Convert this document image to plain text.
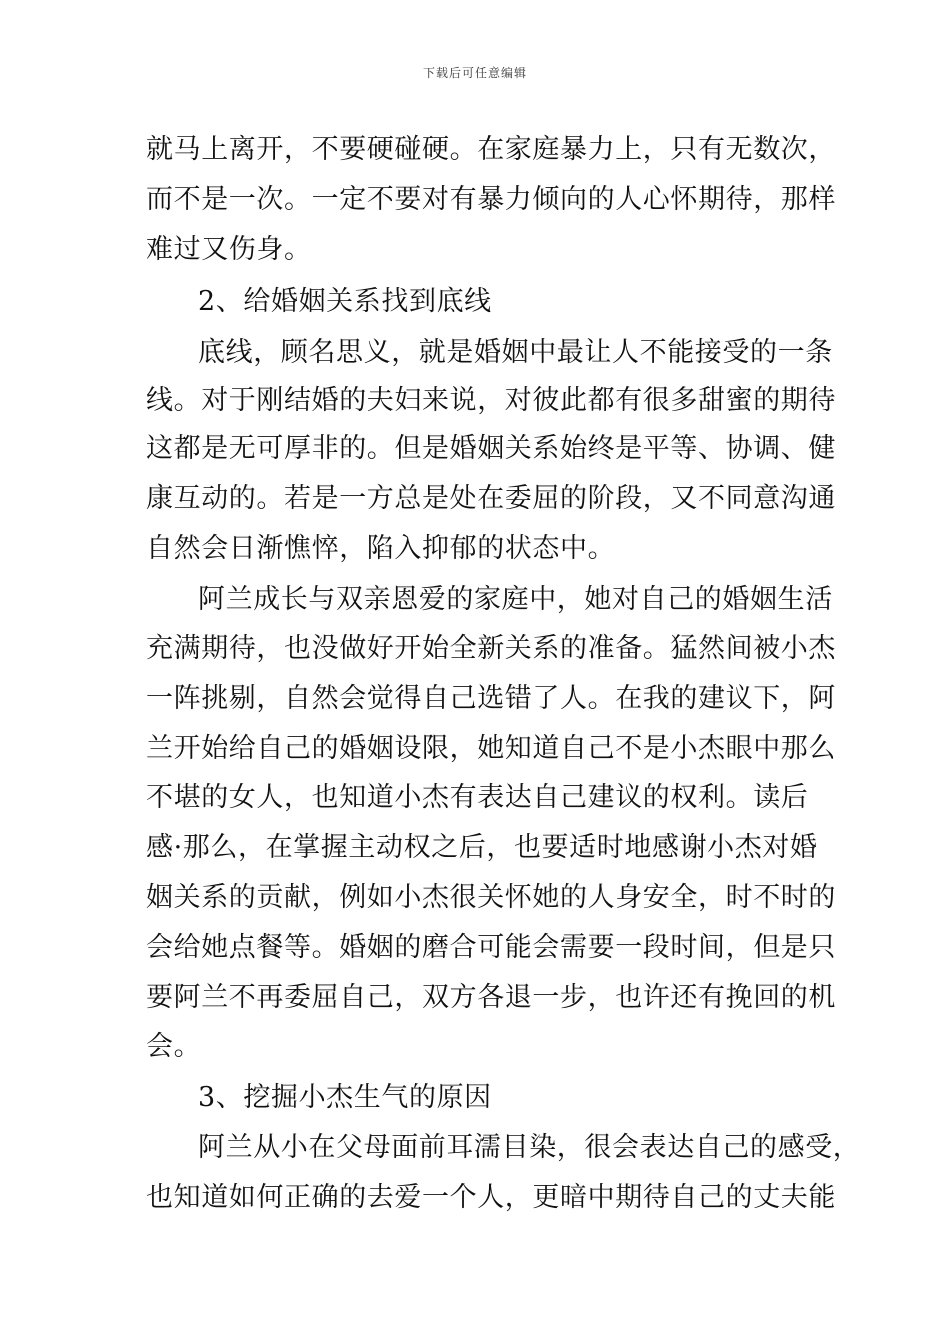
下载后可任意编辑
就马上离开，不要硬碰硬。在家庭暴力上，只有无数次，
而不是一次。一定不要对有暴力倾向的人心怀期待，那样
难过又伤身。
2、给婚姻关系找到底线
底线，顾名思义，就是婚姻中最让人不能接受的一条
线。对于刚结婚的夫妇来说，对彼此都有很多甜蜜的期待
这都是无可厚非的。但是婚姻关系始终是平等、协调、健
康互动的。若是一方总是处在委屈的阶段，又不同意沟通
自然会日渐憔悴，陷入抑郁的状态中。
阿兰成长与双亲恩爱的家庭中，她对自己的婚姻生活
充满期待，也没做好开始全新关系的准备。猛然间被小杰
一阵挑剔，自然会觉得自己选错了人。在我的建议下，阿
兰开始给自己的婚姻设限，她知道自己不是小杰眼中那么
不堪的女人，也知道小杰有表达自己建议的权利。读后
感·那么，在掌握主动权之后，也要适时地感谢小杰对婚
姻关系的贡献，例如小杰很关怀她的人身安全，时不时的
会给她点餐等。婚姻的磨合可能会需要一段时间，但是只
要阿兰不再委屈自己，双方各退一步，也许还有挽回的机
会。
3、挖掘小杰生气的原因
阿兰从小在父母面前耳濡目染，很会表达自己的感受，
也知道如何正确的去爱一个人，更暗中期待自己的丈夫能
